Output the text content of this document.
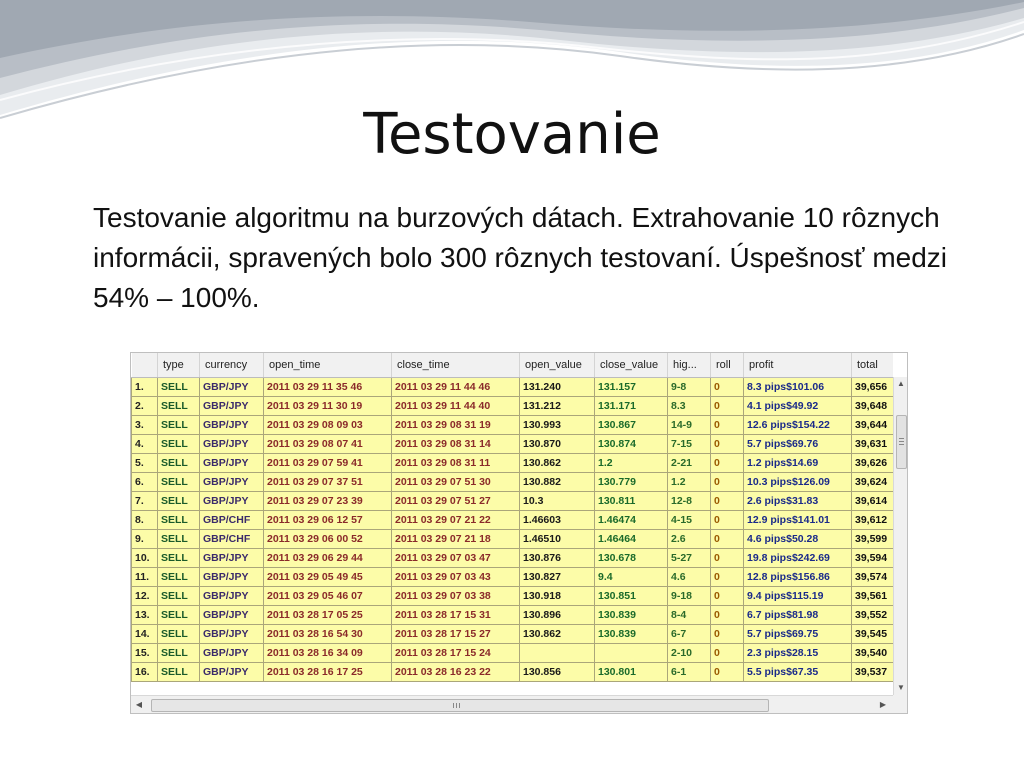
Testovanie
Testovanie algoritmu na burzových dátach. Extrahovanie 10 rôznych informácii, spravených bolo 300 rôznych testovaní. Úspešnosť medzi 54% – 100%.
	type	currency	open_time	close_time	open_value	close_value	hig...	roll	profit	total
1.	SELL	GBP/JPY	2011 03 29 11 35 46	2011 03 29 11 44 46	131.240	131.157	9-8	0	8.3 pips$101.06	39,656
2.	SELL	GBP/JPY	2011 03 29 11 30 19	2011 03 29 11 44 40	131.212	131.171	8.3	0	4.1 pips$49.92	39,648
3.	SELL	GBP/JPY	2011 03 29 08 09 03	2011 03 29 08 31 19	130.993	130.867	14-9	0	12.6 pips$154.22	39,644
4.	SELL	GBP/JPY	2011 03 29 08 07 41	2011 03 29 08 31 14	130.870	130.874	7-15	0	5.7 pips$69.76	39,631
5.	SELL	GBP/JPY	2011 03 29 07 59 41	2011 03 29 08 31 11	130.862	1.2	2-21	0	1.2 pips$14.69	39,626
6.	SELL	GBP/JPY	2011 03 29 07 37 51	2011 03 29 07 51 30	130.882	130.779	1.2	0	10.3 pips$126.09	39,624
7.	SELL	GBP/JPY	2011 03 29 07 23 39	2011 03 29 07 51 27	10.3	130.811	12-8	0	2.6 pips$31.83	39,614
8.	SELL	GBP/CHF	2011 03 29 06 12 57	2011 03 29 07 21 22	1.46603	1.46474	4-15	0	12.9 pips$141.01	39,612
9.	SELL	GBP/CHF	2011 03 29 06 00 52	2011 03 29 07 21 18	1.46510	1.46464	2.6	0	4.6 pips$50.28	39,599
10.	SELL	GBP/JPY	2011 03 29 06 29 44	2011 03 29 07 03 47	130.876	130.678	5-27	0	19.8 pips$242.69	39,594
11.	SELL	GBP/JPY	2011 03 29 05 49 45	2011 03 29 07 03 43	130.827	9.4	4.6	0	12.8 pips$156.86	39,574
12.	SELL	GBP/JPY	2011 03 29 05 46 07	2011 03 29 07 03 38	130.918	130.851	9-18	0	9.4 pips$115.19	39,561
13.	SELL	GBP/JPY	2011 03 28 17 05 25	2011 03 28 17 15 31	130.896	130.839	8-4	0	6.7 pips$81.98	39,552
14.	SELL	GBP/JPY	2011 03 28 16 54 30	2011 03 28 17 15 27	130.862	130.839	6-7	0	5.7 pips$69.75	39,545
15.	SELL	GBP/JPY	2011 03 28 16 34 09	2011 03 28 17 15 24			2-10	0	2.3 pips$28.15	39,540
16.	SELL	GBP/JPY	2011 03 28 16 17 25	2011 03 28 16 23 22	130.856	130.801	6-1	0	5.5 pips$67.35	39,537
▲
▼
◀	▶
